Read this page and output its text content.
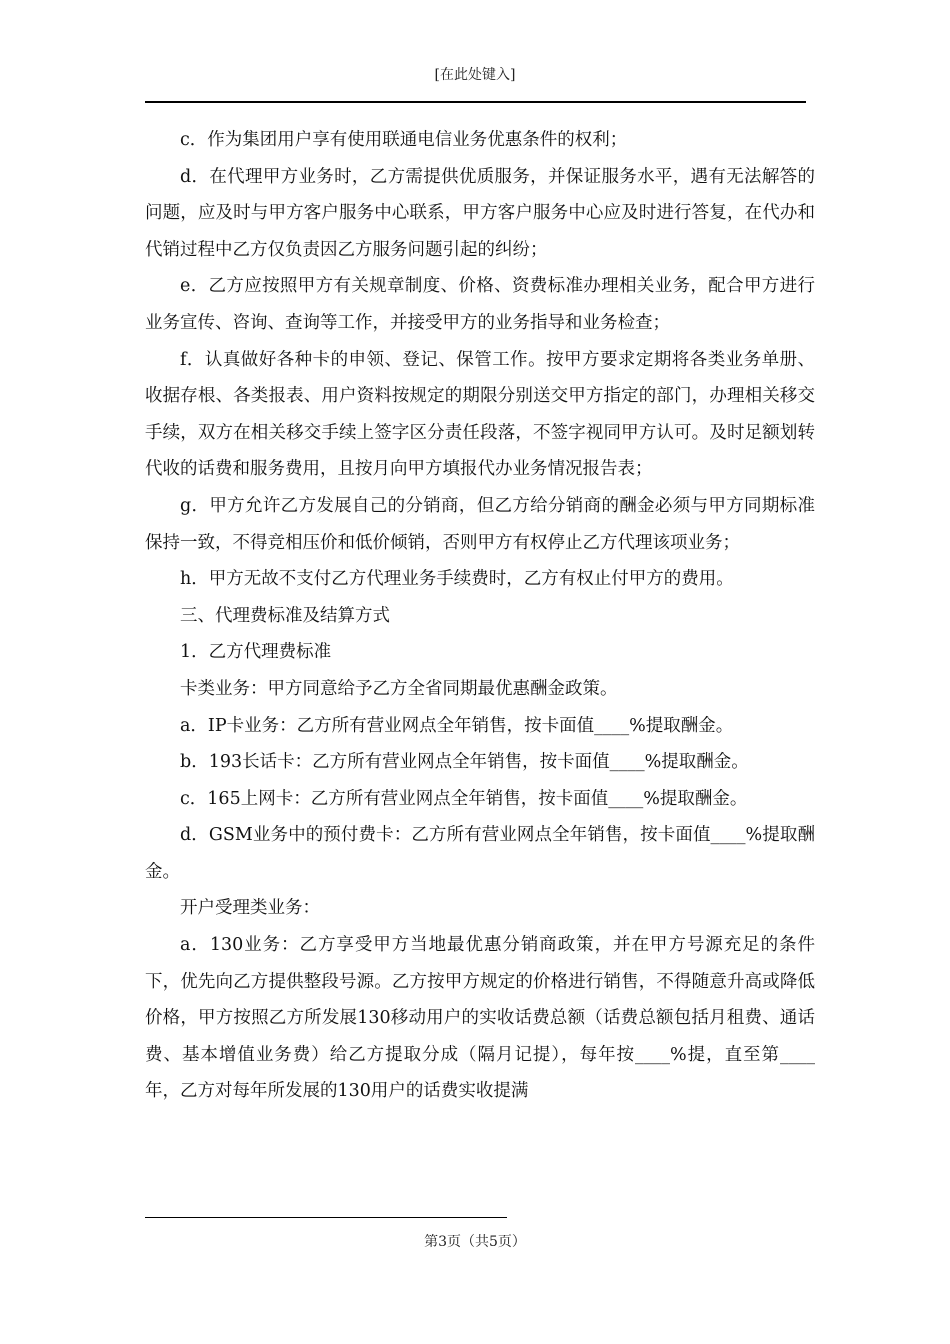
[在此处键入]

c．作为集团用户享有使用联通电信业务优惠条件的权利；

d．在代理甲方业务时，乙方需提供优质服务，并保证服务水平，遇有无法解答的问题，应及时与甲方客户服务中心联系，甲方客户服务中心应及时进行答复，在代办和代销过程中乙方仅负责因乙方服务问题引起的纠纷；

e．乙方应按照甲方有关规章制度、价格、资费标准办理相关业务，配合甲方进行业务宣传、咨询、查询等工作，并接受甲方的业务指导和业务检查；

f．认真做好各种卡的申领、登记、保管工作。按甲方要求定期将各类业务单册、收据存根、各类报表、用户资料按规定的期限分别送交甲方指定的部门，办理相关移交手续，双方在相关移交手续上签字区分责任段落，不签字视同甲方认可。及时足额划转代收的话费和服务费用，且按月向甲方填报代办业务情况报告表；

g．甲方允许乙方发展自己的分销商，但乙方给分销商的酬金必须与甲方同期标准保持一致，不得竞相压价和低价倾销，否则甲方有权停止乙方代理该项业务；

h．甲方无故不支付乙方代理业务手续费时，乙方有权止付甲方的费用。

三、代理费标准及结算方式

1．乙方代理费标准

卡类业务：甲方同意给予乙方全省同期最优惠酬金政策。

a．IP卡业务：乙方所有营业网点全年销售，按卡面值____%提取酬金。

b．193长话卡：乙方所有营业网点全年销售，按卡面值____%提取酬金。

c．165上网卡：乙方所有营业网点全年销售，按卡面值____%提取酬金。

d．GSM业务中的预付费卡：乙方所有营业网点全年销售，按卡面值____%提取酬金。

开户受理类业务：

a．130业务：乙方享受甲方当地最优惠分销商政策，并在甲方号源充足的条件下，优先向乙方提供整段号源。乙方按甲方规定的价格进行销售，不得随意升高或降低价格，甲方按照乙方所发展130移动用户的实收话费总额（话费总额包括月租费、通话费、基本增值业务费）给乙方提取分成（隔月记提），每年按____%提，直至第____年，乙方对每年所发展的130用户的话费实收提满

第3页（共5页）
